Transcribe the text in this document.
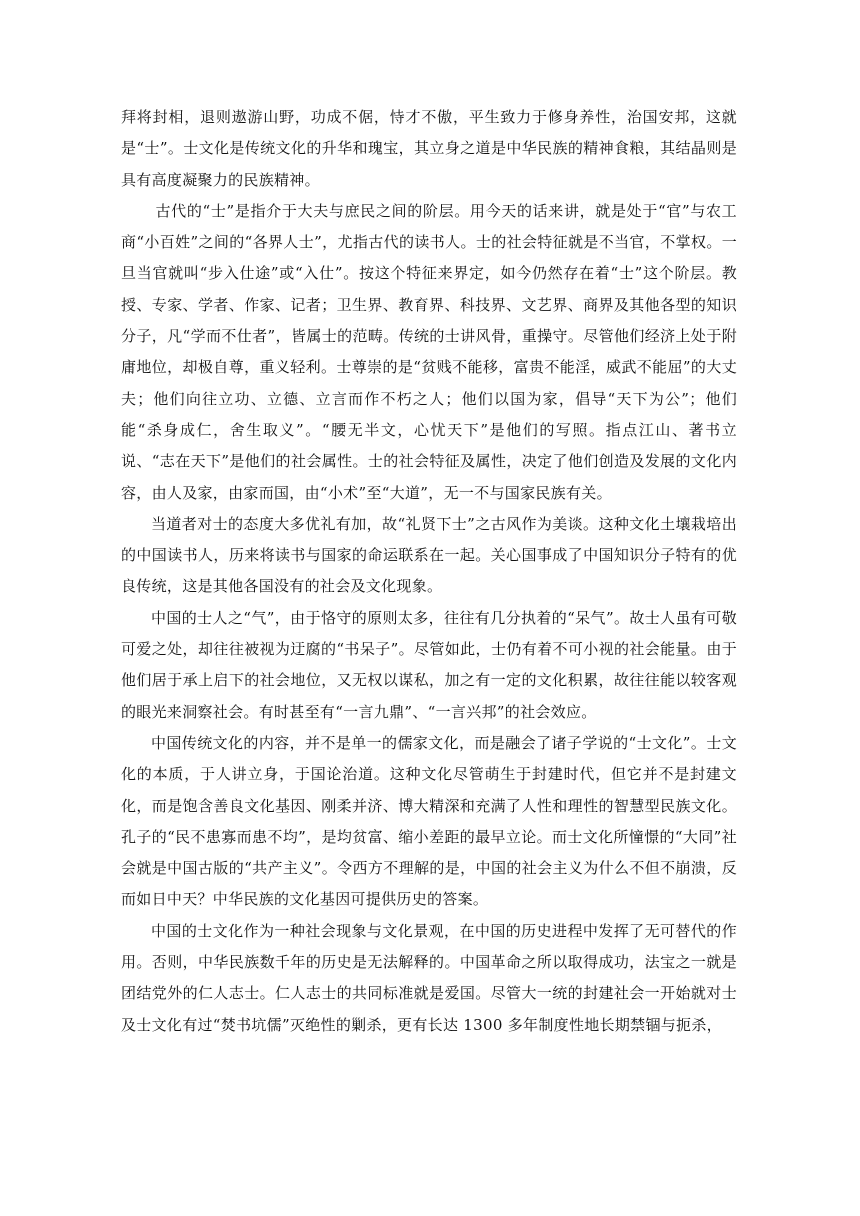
拜将封相，退则遨游山野，功成不倨，恃才不傲，平生致力于修身养性，治国安邦，这就是“士”。士文化是传统文化的升华和瑰宝，其立身之道是中华民族的精神食粮，其结晶则是具有高度凝聚力的民族精神。

古代的“士”是指介于大夫与庶民之间的阶层。用今天的话来讲，就是处于“官”与农工商“小百姓”之间的“各界人士”，尤指古代的读书人。士的社会特征就是不当官，不掌权。一旦当官就叫“步入仕途”或“入仕”。按这个特征来界定，如今仍然存在着“士”这个阶层。教授、专家、学者、作家、记者；卫生界、教育界、科技界、文艺界、商界及其他各型的知识分子，凡“学而不仕者”，皆属士的范畴。传统的士讲风骨，重操守。尽管他们经济上处于附庸地位，却极自尊，重义轻利。士尊崇的是“贫贱不能移，富贵不能淫，威武不能屈”的大丈夫；他们向往立功、立德、立言而作不朽之人；他们以国为家，倡导“天下为公”；他们能“杀身成仁，舍生取义”。“腰无半文，心忧天下”是他们的写照。指点江山、著书立说、“志在天下”是他们的社会属性。士的社会特征及属性，决定了他们创造及发展的文化内容，由人及家，由家而国，由“小术”至“大道”，无一不与国家民族有关。

当道者对士的态度大多优礼有加，故“礼贤下士”之古风作为美谈。这种文化土壤栽培出的中国读书人，历来将读书与国家的命运联系在一起。关心国事成了中国知识分子特有的优良传统，这是其他各国没有的社会及文化现象。

中国的士人之“气”，由于恪守的原则太多，往往有几分执着的“呆气”。故士人虽有可敬可爱之处，却往往被视为迂腐的“书呆子”。尽管如此，士仍有着不可小视的社会能量。由于他们居于承上启下的社会地位，又无权以谋私，加之有一定的文化积累，故往往能以较客观的眼光来洞察社会。有时甚至有“一言九鼎”、“一言兴邦”的社会效应。

中国传统文化的内容，并不是单一的儒家文化，而是融会了诸子学说的“士文化”。士文化的本质，于人讲立身，于国论治道。这种文化尽管萌生于封建时代，但它并不是封建文化，而是饱含善良文化基因、刚柔并济、博大精深和充满了人性和理性的智慧型民族文化。孔子的“民不患寡而患不均”，是均贫富、缩小差距的最早立论。而士文化所憧憬的“大同”社会就是中国古版的“共产主义”。令西方不理解的是，中国的社会主义为什么不但不崩溃，反而如日中天？中华民族的文化基因可提供历史的答案。

中国的士文化作为一种社会现象与文化景观，在中国的历史进程中发挥了无可替代的作用。否则，中华民族数千年的历史是无法解释的。中国革命之所以取得成功，法宝之一就是团结党外的仁人志士。仁人志士的共同标准就是爱国。尽管大一统的封建社会一开始就对士及士文化有过“焚书坑儒”灭绝性的剿杀，更有长达 1300 多年制度性地长期禁锢与扼杀，
